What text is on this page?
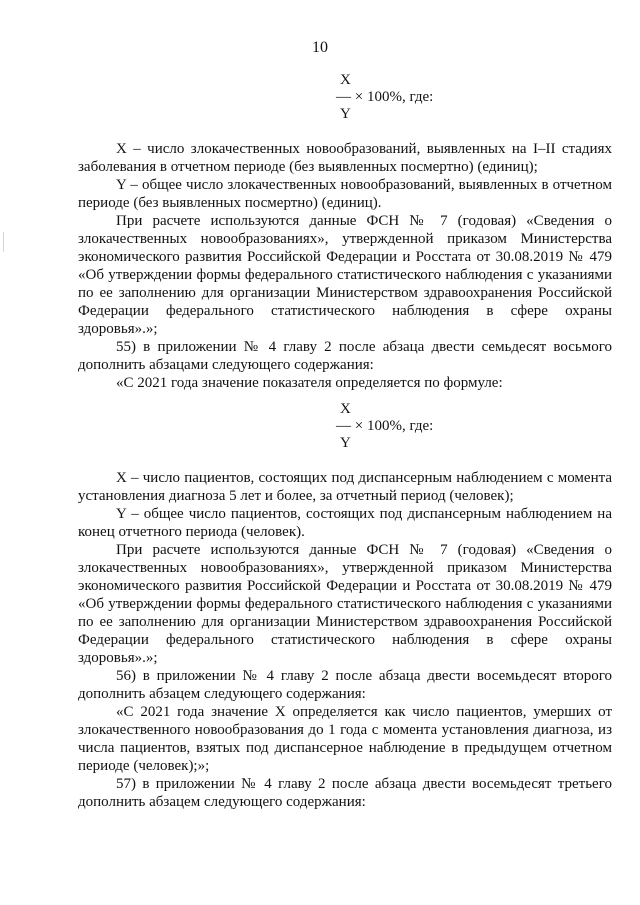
10
X
— × 100%, где:
Y

X – число злокачественных новообразований, выявленных на I–II стадиях заболевания в отчетном периоде (без выявленных посмертно) (единиц);

Y – общее число злокачественных новообразований, выявленных в отчетном периоде (без выявленных посмертно) (единиц).

При расчете используются данные ФСН № 7 (годовая) «Сведения о злокачественных новообразованиях», утвержденной приказом Министерства экономического развития Российской Федерации и Росстата от 30.08.2019 № 479 «Об утверждении формы федерального статистического наблюдения с указаниями по ее заполнению для организации Министерством здравоохранения Российской Федерации федерального статистического наблюдения в сфере охраны здоровья».»;

55) в приложении № 4 главу 2 после абзаца двести семьдесят восьмого дополнить абзацами следующего содержания:

«С 2021 года значение показателя определяется по формуле:

X
— × 100%, где:
Y

X – число пациентов, состоящих под диспансерным наблюдением с момента установления диагноза 5 лет и более, за отчетный период (человек);

Y – общее число пациентов, состоящих под диспансерным наблюдением на конец отчетного периода (человек).

При расчете используются данные ФСН № 7 (годовая) «Сведения о злокачественных новообразованиях», утвержденной приказом Министерства экономического развития Российской Федерации и Росстата от 30.08.2019 № 479 «Об утверждении формы федерального статистического наблюдения с указаниями по ее заполнению для организации Министерством здравоохранения Российской Федерации федерального статистического наблюдения в сфере охраны здоровья».»;

56) в приложении № 4 главу 2 после абзаца двести восемьдесят второго дополнить абзацем следующего содержания:

«С 2021 года значение X определяется как число пациентов, умерших от злокачественного новообразования до 1 года с момента установления диагноза, из числа пациентов, взятых под диспансерное наблюдение в предыдущем отчетном периоде (человек);»;

57) в приложении № 4 главу 2 после абзаца двести восемьдесят третьего дополнить абзацем следующего содержания:
